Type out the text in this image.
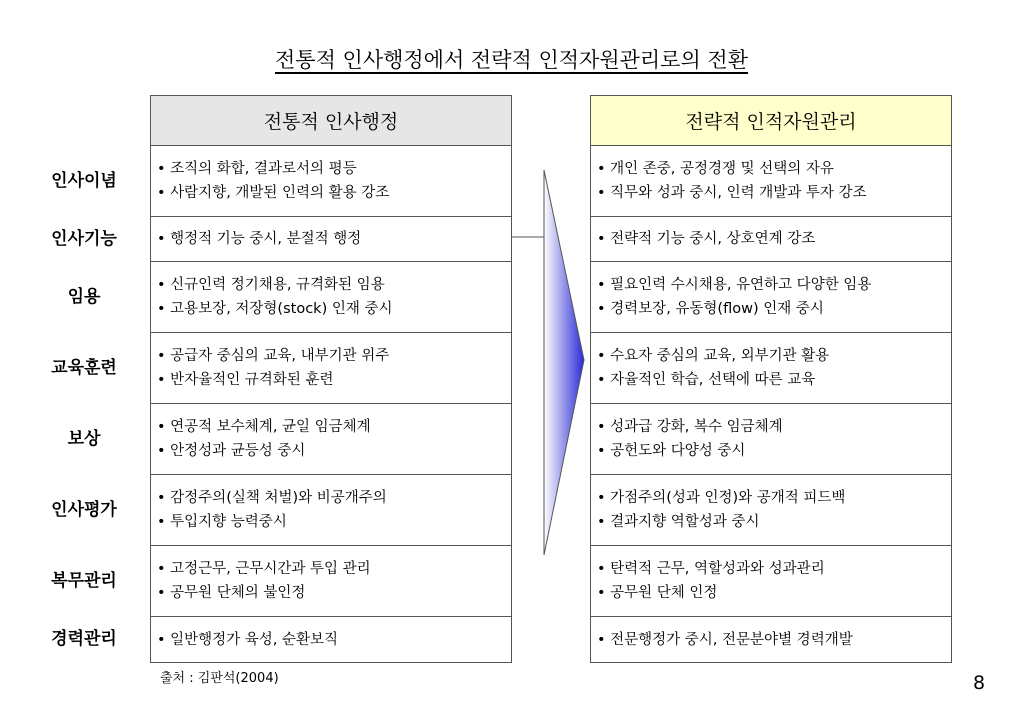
전통적 인사행정에서 전략적 인적자원관리로의 전환
전통적 인사행정
• 조직의 화합, 결과로서의 평등
• 사람지향, 개발된 인력의 활용 강조
• 행정적 기능 중시, 분절적 행정
• 신규인력 정기채용, 규격화된 임용
• 고용보장, 저장형(stock) 인재 중시
• 공급자 중심의 교육, 내부기관 위주
• 반자율적인 규격화된 훈련
• 연공적 보수체계, 균일 임금체계
• 안정성과 균등성 중시
• 감정주의(실책 처벌)와 비공개주의
• 투입지향 능력중시
• 고정근무, 근무시간과 투입 관리
• 공무원 단체의 불인정
• 일반행정가 육성, 순환보직
전략적 인적자원관리
• 개인 존중, 공정경쟁 및 선택의 자유
• 직무와 성과 중시, 인력 개발과 투자 강조
• 전략적 기능 중시, 상호연계 강조
• 필요인력 수시채용, 유연하고 다양한 임용
• 경력보장, 유동형(flow) 인재 중시
• 수요자 중심의 교육, 외부기관 활용
• 자율적인 학습, 선택에 따른 교육
• 성과급 강화, 복수 임금체계
• 공헌도와 다양성 중시
• 가점주의(성과 인정)와 공개적 피드백
• 결과지향 역할성과 중시
• 탄력적 근무, 역할성과와 성과관리
• 공무원 단체 인정
• 전문행정가 중시, 전문분야별 경력개발
인사이념
인사기능
임용
교육훈련
보상
인사평가
복무관리
경력관리
출처 : 김판석(2004)	8
